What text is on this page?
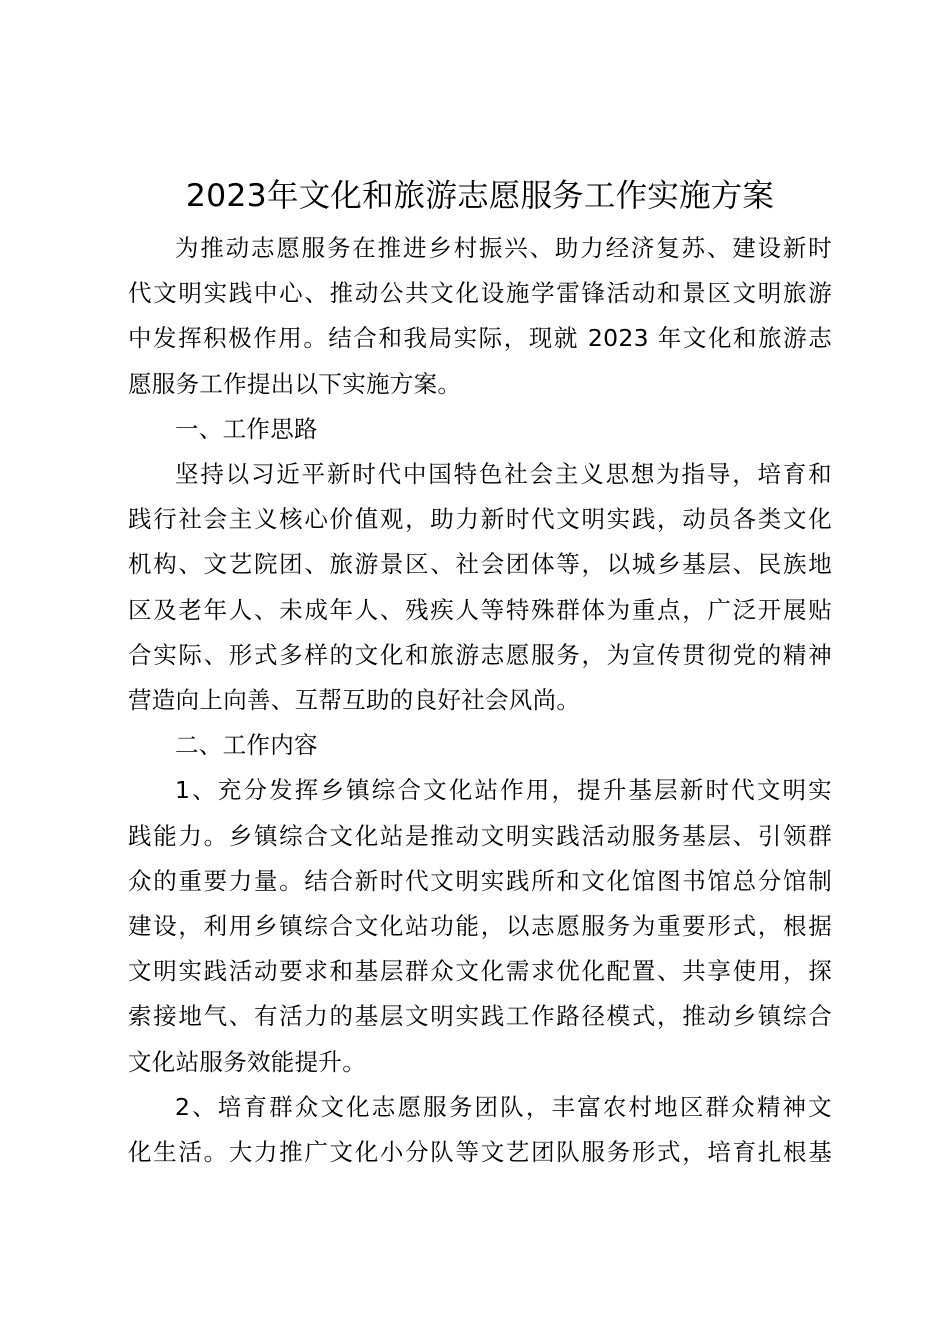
2023年文化和旅游志愿服务工作实施方案

为推动志愿服务在推进乡村振兴、助力经济复苏、建设新时
代文明实践中心、推动公共文化设施学雷锋活动和景区文明旅游
中发挥积极作用。结合和我局实际，现就 2023 年文化和旅游志
愿服务工作提出以下实施方案。

一、工作思路

坚持以习近平新时代中国特色社会主义思想为指导，培育和
践行社会主义核心价值观，助力新时代文明实践，动员各类文化
机构、文艺院团、旅游景区、社会团体等，以城乡基层、民族地
区及老年人、未成年人、残疾人等特殊群体为重点，广泛开展贴
合实际、形式多样的文化和旅游志愿服务，为宣传贯彻党的精神
营造向上向善、互帮互助的良好社会风尚。

二、工作内容

1、充分发挥乡镇综合文化站作用，提升基层新时代文明实
践能力。乡镇综合文化站是推动文明实践活动服务基层、引领群
众的重要力量。结合新时代文明实践所和文化馆图书馆总分馆制
建设，利用乡镇综合文化站功能，以志愿服务为重要形式，根据
文明实践活动要求和基层群众文化需求优化配置、共享使用，探
索接地气、有活力的基层文明实践工作路径模式，推动乡镇综合
文化站服务效能提升。

2、培育群众文化志愿服务团队，丰富农村地区群众精神文
化生活。大力推广文化小分队等文艺团队服务形式，培育扎根基
